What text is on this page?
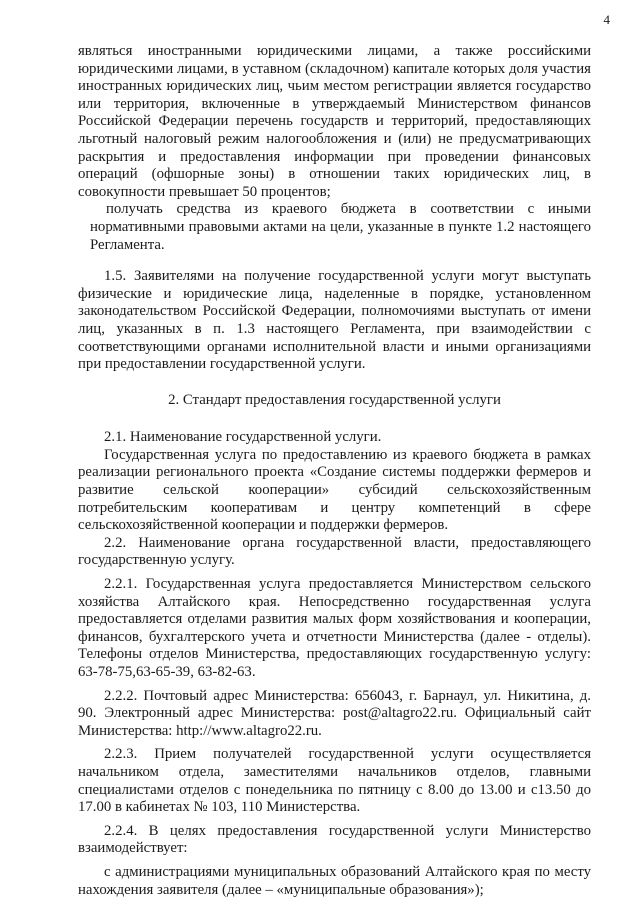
4

являться иностранными юридическими лицами, а также российскими юридическими лицами, в уставном (складочном) капитале которых доля участия иностранных юридических лиц, чьим местом регистрации является государство или территория, включенные в утверждаемый Министерством финансов Российской Федерации перечень государств и территорий, предоставляющих льготный налоговый режим налогообложения и (или) не предусматривающих раскрытия и предоставления информации при проведении финансовых операций (офшорные зоны) в отношении таких юридических лиц, в совокупности превышает 50 процентов;

получать средства из краевого бюджета в соответствии с иными нормативными правовыми актами на цели, указанные в пункте 1.2 настоящего Регламента.

1.5. Заявителями на получение государственной услуги могут выступать физические и юридические лица, наделенные в порядке, установленном законодательством Российской Федерации, полномочиями выступать от имени лиц, указанных в п. 1.3 настоящего Регламента, при взаимодействии с соответствующими органами исполнительной власти и иными организациями при предоставлении государственной услуги.

2. Стандарт предоставления государственной услуги

2.1. Наименование государственной услуги.

Государственная услуга по предоставлению из краевого бюджета в рамках реализации регионального проекта «Создание системы поддержки фермеров и развитие сельской кооперации» субсидий сельскохозяйственным потребительским кооперативам и центру компетенций в сфере сельскохозяйственной кооперации и поддержки фермеров.

2.2. Наименование органа государственной власти, предоставляющего государственную услугу.

2.2.1. Государственная услуга предоставляется Министерством сельского хозяйства Алтайского края. Непосредственно государственная услуга предоставляется отделами развития малых форм хозяйствования и кооперации, финансов, бухгалтерского учета и отчетности Министерства (далее - отделы). Телефоны отделов Министерства, предоставляющих государственную услугу: 63-78-75,63-65-39, 63-82-63.

2.2.2. Почтовый адрес Министерства: 656043, г. Барнаул, ул. Никитина, д. 90. Электронный адрес Министерства: post@altagro22.ru. Официальный сайт Министерства: http://www.altagro22.ru.

2.2.3. Прием получателей государственной услуги осуществляется начальником отдела, заместителями начальников отделов, главными специалистами отделов с понедельника по пятницу с 8.00 до 13.00 и с13.50 до 17.00 в кабинетах № 103, 110 Министерства.

2.2.4. В целях предоставления государственной услуги Министерство взаимодействует:

с администрациями муниципальных образований Алтайского края по месту нахождения заявителя (далее – «муниципальные образования»);
